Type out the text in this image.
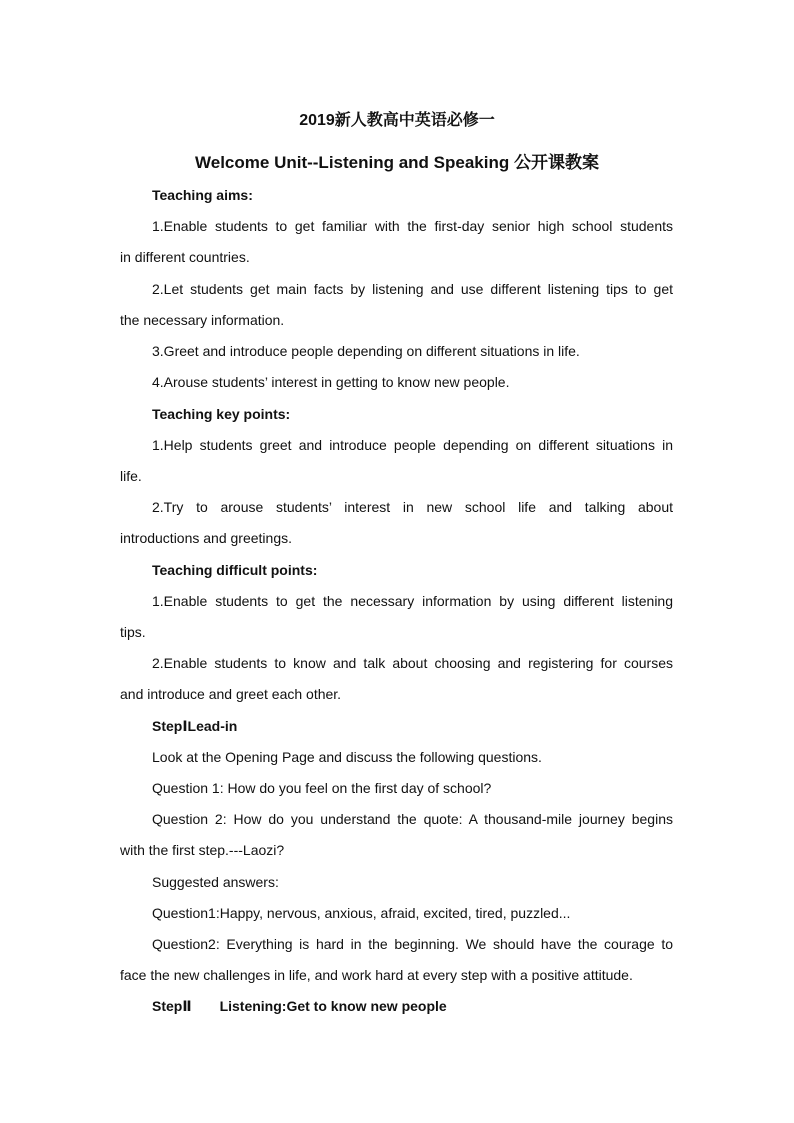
2019新人教高中英语必修一
Welcome Unit--Listening and Speaking 公开课教案
Teaching aims:
1.Enable students to get familiar with the first-day senior high school students
in different countries.
2.Let students get main facts by listening and use different listening tips to get
the necessary information.
3.Greet and introduce people depending on different situations in life.
4.Arouse students’ interest in getting to know new people.
Teaching key points:
1.Help students greet and introduce people depending on different situations in
life.
2.Try to arouse students’ interest in new school life and talking about
introductions and greetings.
Teaching difficult points:
1.Enable students to get the necessary information by using different listening
tips.
2.Enable students to know and talk about choosing and registering for courses
and introduce and greet each other.
StepⅠLead-in
Look at the Opening Page and discuss the following questions.
Question 1: How do you feel on the first day of school?
Question 2: How do you understand the quote: A thousand-mile journey begins
with the first step.---Laozi?
Suggested answers:
Question1:Happy, nervous, anxious, afraid, excited, tired, puzzled...
Question2: Everything is hard in the beginning. We should have the courage to
face the new challenges in life, and work hard at every step with a positive attitude.
StepⅡ Listening:Get to know new people
